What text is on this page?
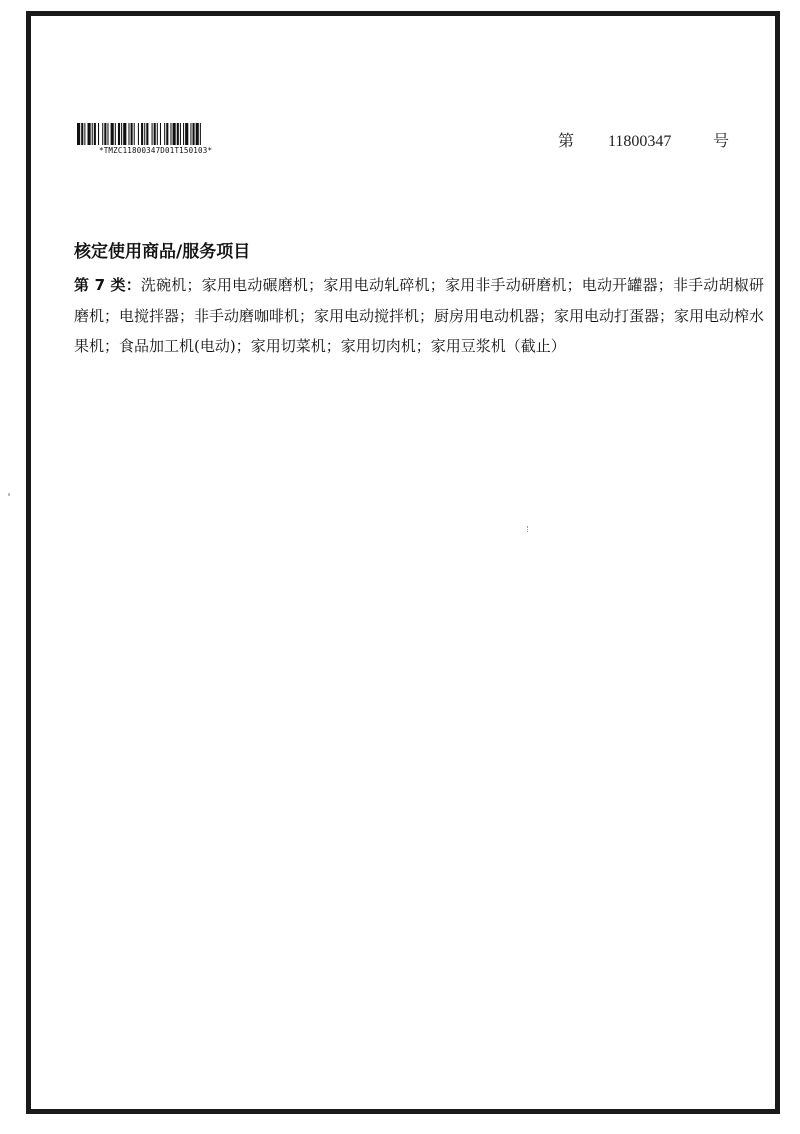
*TMZC11800347D01T150103*
第 11800347	号
核定使用商品/服务项目

第 7 类：洗碗机；家用电动碾磨机；家用电动轧碎机；家用非手动研磨机；电动开罐器；非手动胡椒研磨机；电搅拌器；非手动磨咖啡机；家用电动搅拌机；厨房用电动机器；家用电动打蛋器；家用电动榨水果机；食品加工机(电动)；家用切菜机；家用切肉机；家用豆浆机（截止）
